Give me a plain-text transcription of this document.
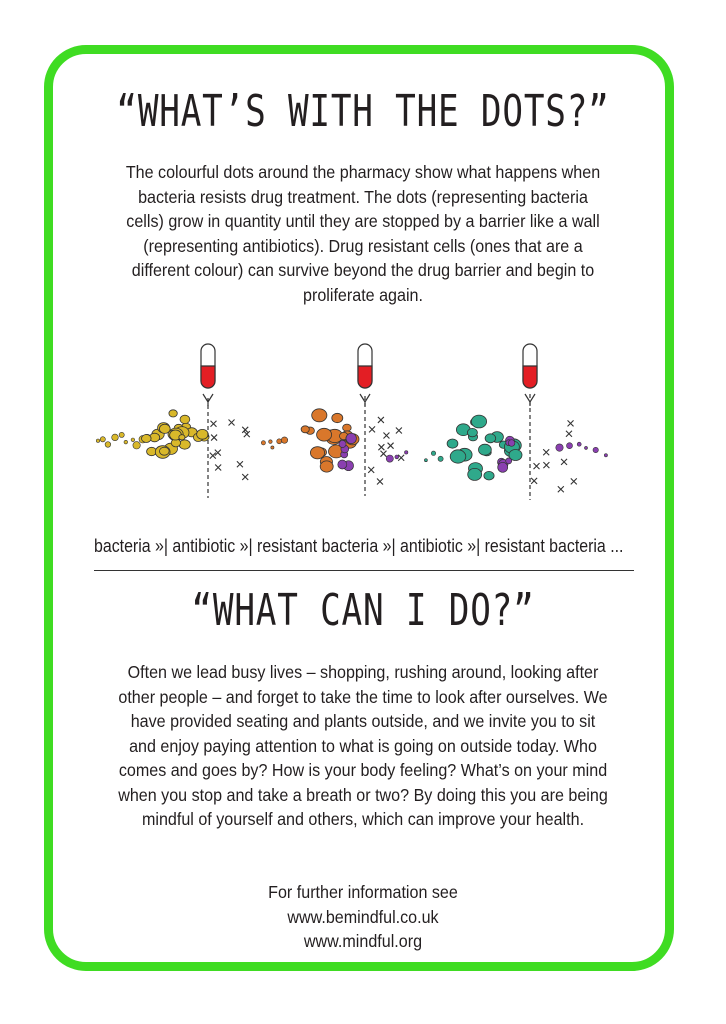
“WHAT’S WITH THE DOTS?”

The colourful dots around the pharmacy show what happens when bacteria resists drug treatment. The dots (representing bacteria cells) grow in quantity until they are stopped by a barrier like a wall (representing antibiotics). Drug resistant cells (ones that are a different colour) can survive beyond the drug barrier and begin to proliferate again.

bacteria »| antibiotic »| resistant bacteria »| antibiotic »| resistant bacteria ...
“WHAT CAN I DO?”

Often we lead busy lives – shopping, rushing around, looking after other people – and forget to take the time to look after ourselves. We have provided seating and plants outside, and we invite you to sit and enjoy paying attention to what is going on outside today. Who comes and goes by? How is your body feeling? What’s on your mind when you stop and take a breath or two? By doing this you are being mindful of yourself and others, which can improve your health.

For further information see
www.bemindful.co.uk
www.mindful.org
